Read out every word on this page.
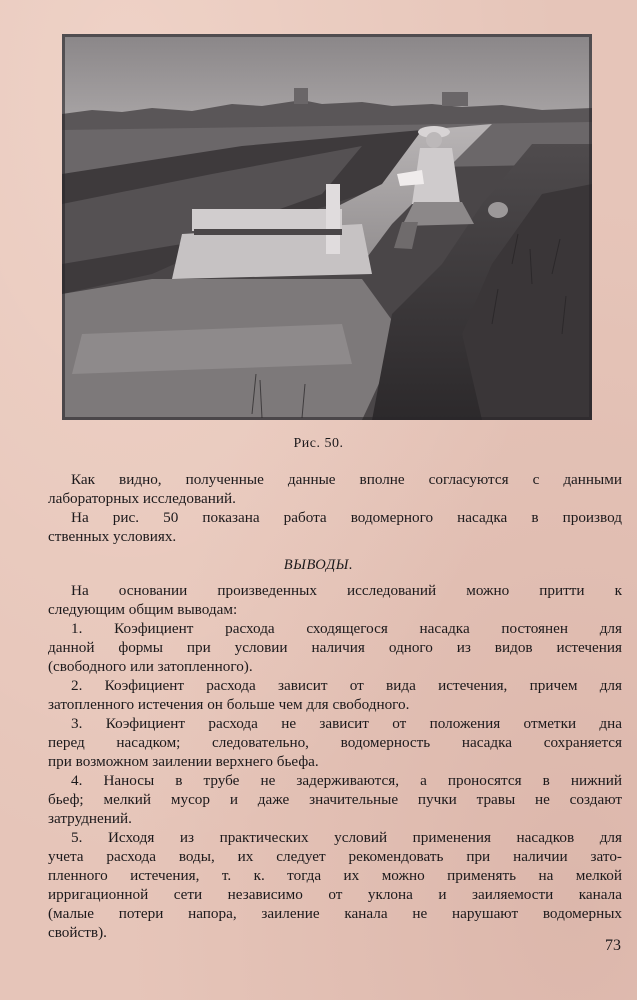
Рис. 50.
Как видно, полученные данные вполне согласуются с данными
лабораторных исследований.
На рис. 50 показана работа водомерного насадка в производ
ственных условиях.
ВЫВОДЫ.
На основании произведенных исследований можно притти к
следующим общим выводам:
1. Коэфициент расхода сходящегося насадка постоянен для
данной формы при условии наличия одного из видов истечения
(свободного или затопленного).
2. Коэфициент расхода зависит от вида истечения, причем для
затопленного истечения он больше чем для свободного.
3. Коэфициент расхода не зависит от положения отметки дна
перед насадком; следовательно, водомерность насадка сохраняется
при возможном заилении верхнего бьефа.
4. Наносы в трубе не задерживаются, а проносятся в нижний
бьеф; мелкий мусор и даже значительные пучки травы не создают
затруднений.
5. Исходя из практических условий применения насадков для
учета расхода воды, их следует рекомендовать при наличии зато-
пленного истечения, т. к. тогда их можно применять на мелкой
ирригационной сети независимо от уклона и заиляемости канала
(малые потери напора, заиление канала не нарушают водомерных
свойств).
73
